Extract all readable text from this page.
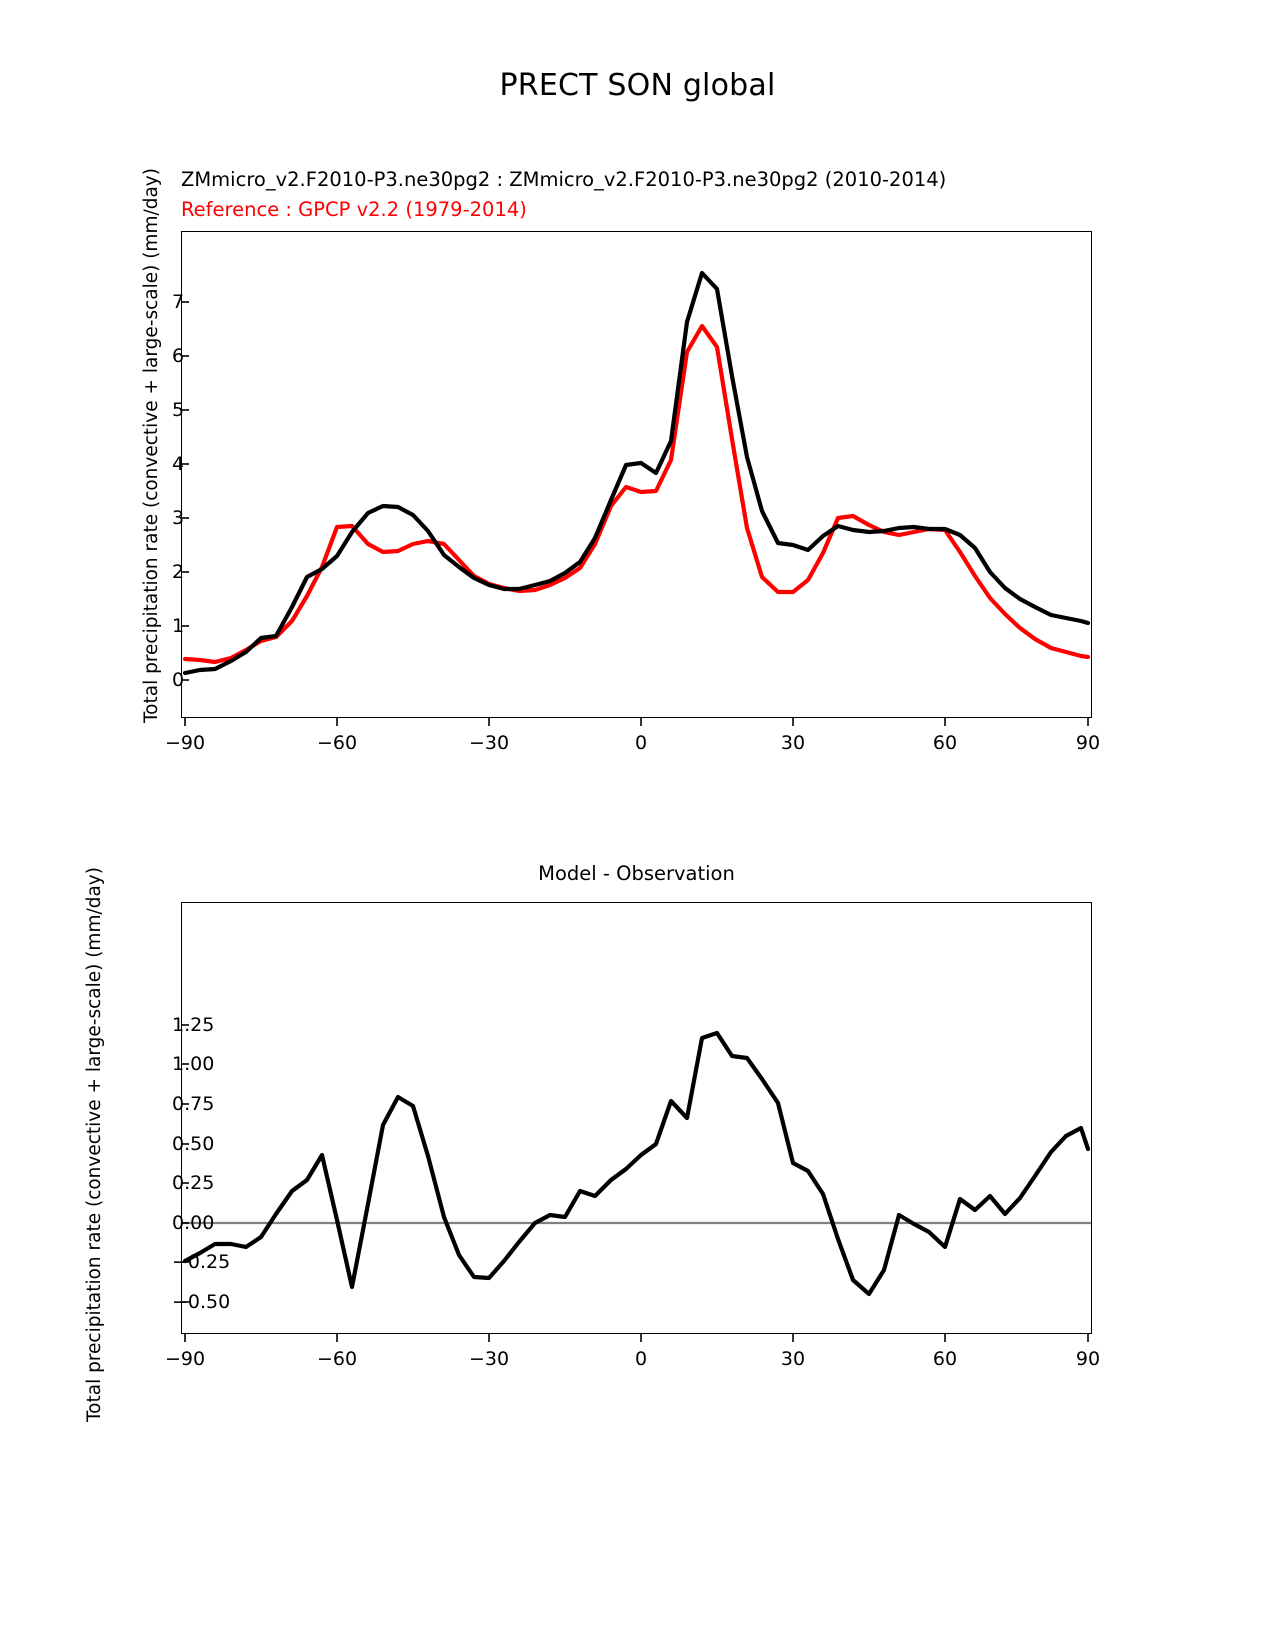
PRECT SON global
ZMmicro_v2.F2010-P3.ne30pg2 : ZMmicro_v2.F2010-P3.ne30pg2 (2010-2014)
Reference : GPCP v2.2 (1979-2014)
Total precipitation rate (convective + large-scale) (mm/day) 0
1
2
3
4
5
6
7
−90	−60	−30	0	30	60	90
Model - Observation
Total precipitation rate (convective + large-scale) (mm/day)	−0.50
−0.25
0.00
0.25
0.50
0.75
1.00
1.25
−90	−60	−30	0	30	60	90
